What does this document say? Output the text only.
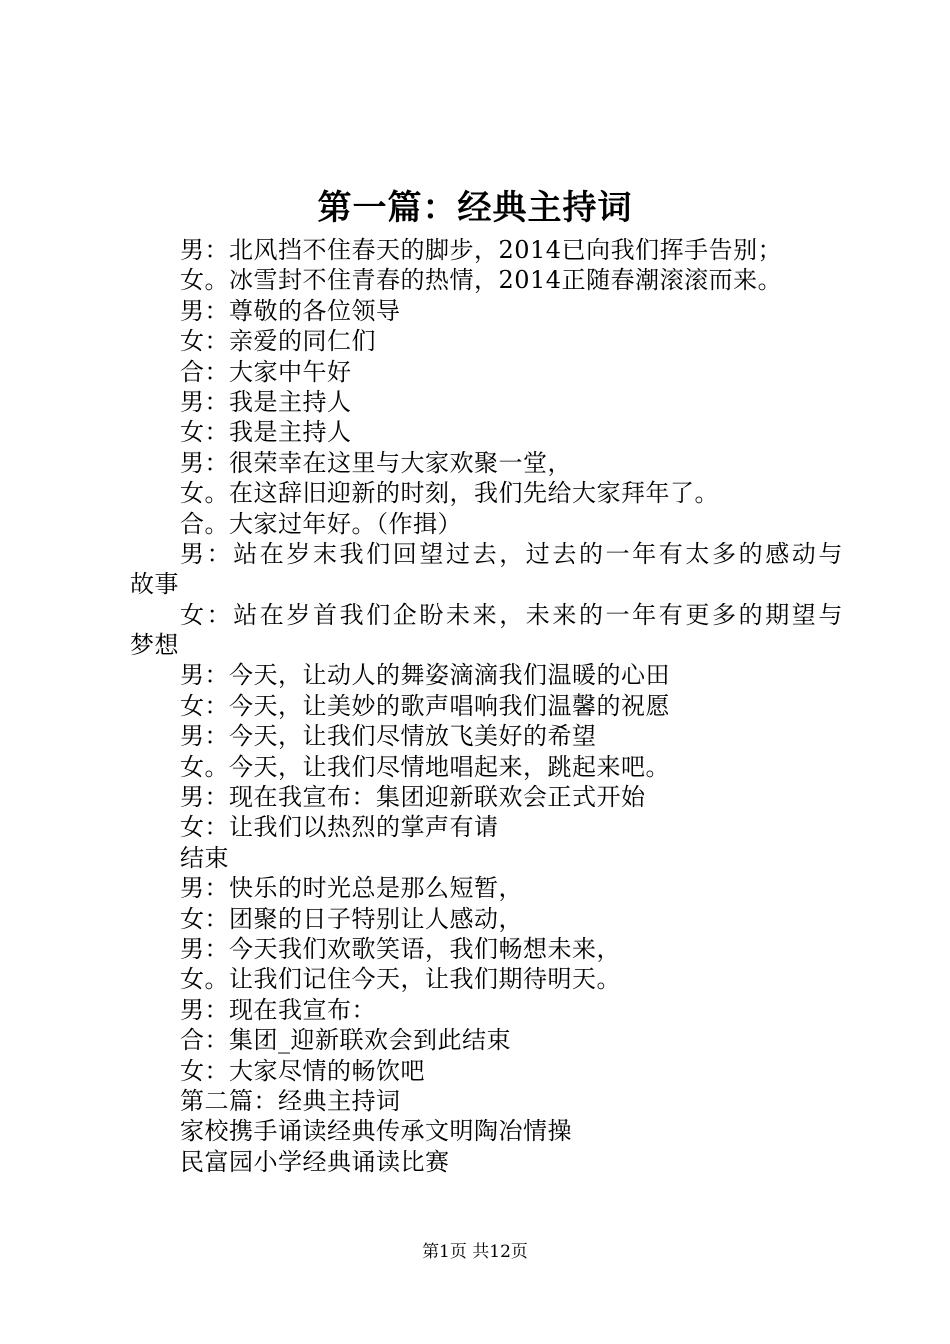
第一篇：经典主持词
男：北风挡不住春天的脚步，2014已向我们挥手告别；
女。冰雪封不住青春的热情，2014正随春潮滚滚而来。
男：尊敬的各位领导
女：亲爱的同仁们
合：大家中午好
男：我是主持人
女：我是主持人
男：很荣幸在这里与大家欢聚一堂，
女。在这辞旧迎新的时刻，我们先给大家拜年了。
合。大家过年好。（作揖）
男：站在岁末我们回望过去，过去的一年有太多的感动与
故事
女：站在岁首我们企盼未来，未来的一年有更多的期望与
梦想
男：今天，让动人的舞姿滴滴我们温暖的心田
女：今天，让美妙的歌声唱响我们温馨的祝愿
男：今天，让我们尽情放飞美好的希望
女。今天，让我们尽情地唱起来，跳起来吧。
男：现在我宣布：集团迎新联欢会正式开始
女：让我们以热烈的掌声有请
结束
男：快乐的时光总是那么短暂，
女：团聚的日子特别让人感动，
男：今天我们欢歌笑语，我们畅想未来，
女。让我们记住今天，让我们期待明天。
男：现在我宣布：
合：集团_迎新联欢会到此结束
女：大家尽情的畅饮吧
第二篇：经典主持词
家校携手诵读经典传承文明陶冶情操
民富园小学经典诵读比赛
第1页 共12页
